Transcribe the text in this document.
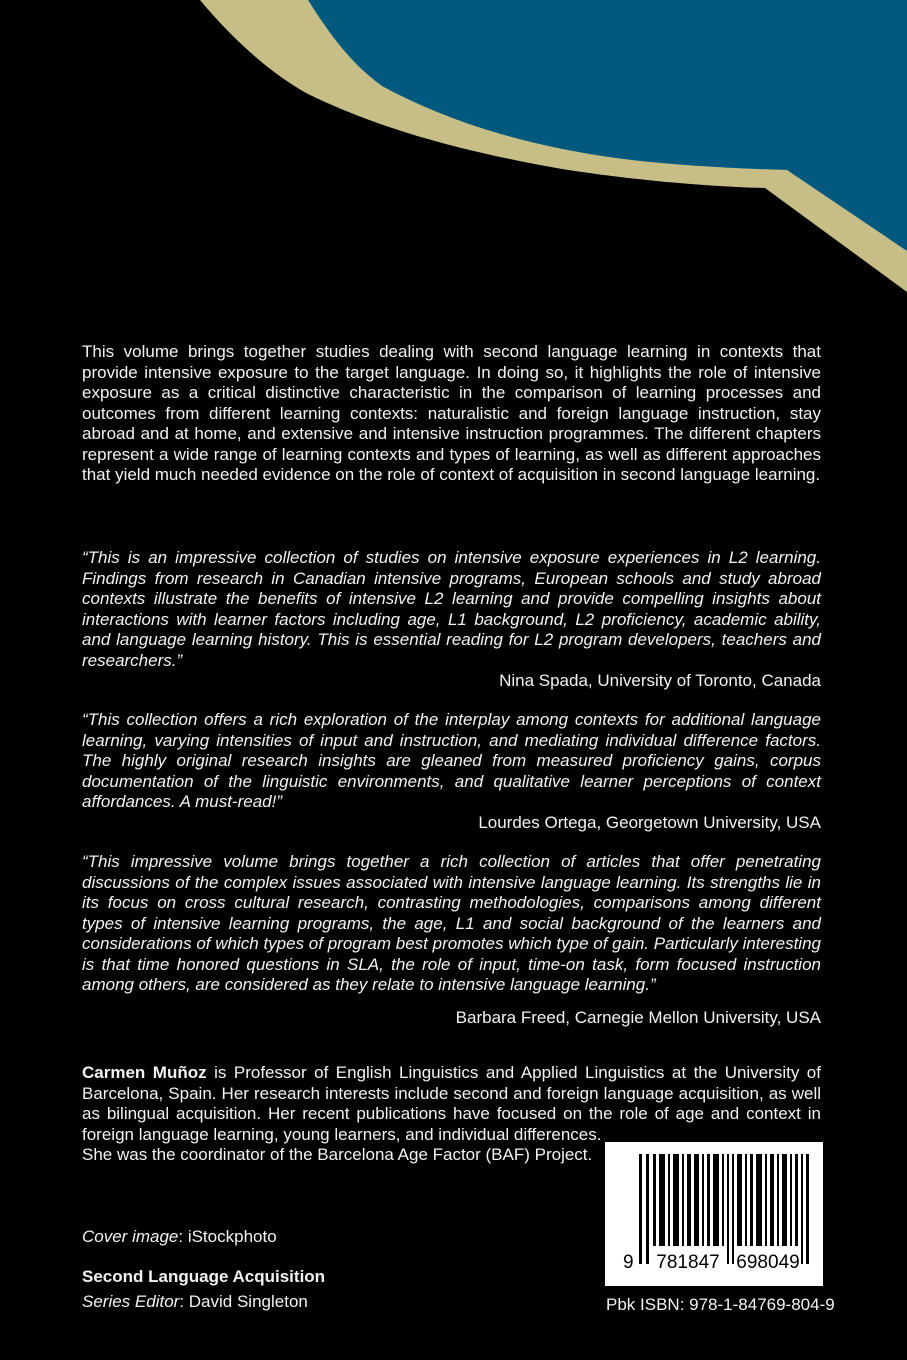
This volume brings together studies dealing with second language learning in contexts that provide intensive exposure to the target language. In doing so, it highlights the role of intensive exposure as a critical distinctive characteristic in the comparison of learning processes and outcomes from different learning contexts: naturalistic and foreign language instruction, stay abroad and at home, and extensive and intensive instruction programmes. The different chapters represent a wide range of learning contexts and types of learning, as well as different approaches that yield much needed evidence on the role of context of acquisition in second language learning.
“This is an impressive collection of studies on intensive exposure experiences in L2 learning. Findings from research in Canadian intensive programs, European schools and study abroad contexts illustrate the benefits of intensive L2 learning and provide compelling insights about interactions with learner factors including age, L1 background, L2 proficiency, academic ability, and language learning history. This is essential reading for L2 program developers, teachers and researchers.”
Nina Spada, University of Toronto, Canada
“This collection offers a rich exploration of the interplay among contexts for additional language learning, varying intensities of input and instruction, and mediating individual difference factors. The highly original research insights are gleaned from measured proficiency gains, corpus documentation of the linguistic environments, and qualitative learner perceptions of context affordances. A must-read!”
Lourdes Ortega, Georgetown University, USA
“This impressive volume brings together a rich collection of articles that offer penetrating discussions of the complex issues associated with intensive language learning. Its strengths lie in its focus on cross cultural research, contrasting methodologies, comparisons among different types of intensive learning programs, the age, L1 and social background of the learners and considerations of which types of program best promotes which type of gain. Particularly interesting is that time honored questions in SLA, the role of input, time-on task, form focused instruction among others, are considered as they relate to intensive language learning.”
Barbara Freed, Carnegie Mellon University, USA
Carmen Muñoz is Professor of English Linguistics and Applied Linguistics at the University of Barcelona, Spain. Her research interests include second and foreign language acquisition, as well as bilingual acquisition. Her recent publications have focused on the role of age and context in foreign language learning, young learners, and individual differences.
She was the coordinator of the Barcelona Age Factor (BAF) Project.
Cover image: iStockphoto
Second Language Acquisition
Series Editor: David Singleton
9 781847 698049
Pbk ISBN: 978-1-84769-804-9
